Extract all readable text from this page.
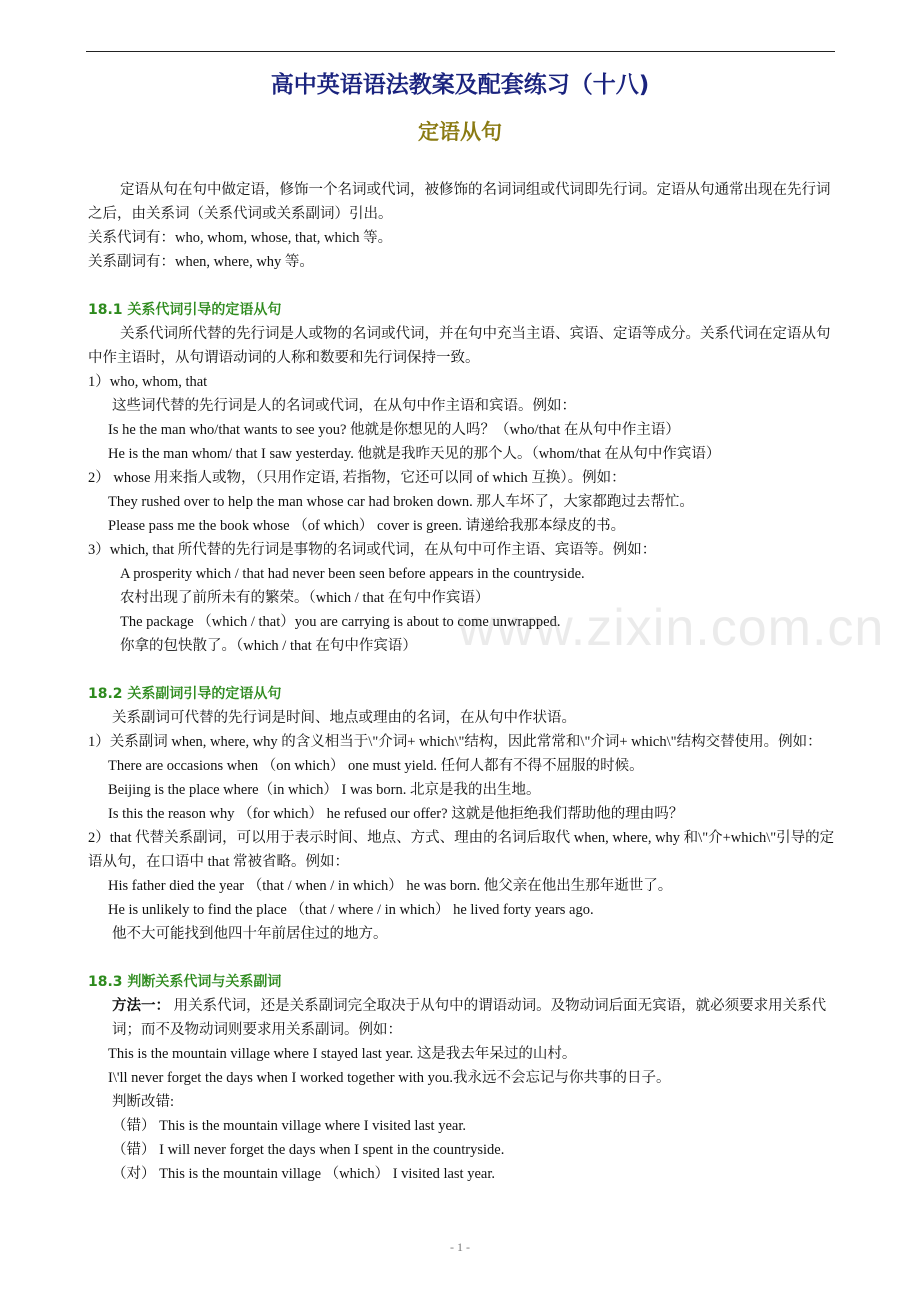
高中英语语法教案及配套练习（十八)
定语从句

定语从句在句中做定语，修饰一个名词或代词，被修饰的名词词组或代词即先行词。定语从句通常出现在先行词之后，由关系词（关系代词或关系副词）引出。

关系代词有：who, whom, whose, that, which 等。

关系副词有：when, where, why 等。

18.1 关系代词引导的定语从句

关系代词所代替的先行词是人或物的名词或代词，并在句中充当主语、宾语、定语等成分。关系代词在定语从句中作主语时，从句谓语动词的人称和数要和先行词保持一致。

1）who, whom, that

这些词代替的先行词是人的名词或代词，在从句中作主语和宾语。例如：

Is he the man who/that wants to see you? 他就是你想见的人吗？（who/that 在从句中作主语）

He is the man whom/ that I saw yesterday. 他就是我昨天见的那个人。（whom/that 在从句中作宾语）

2） whose 用来指人或物，（只用作定语, 若指物，它还可以同 of which 互换）。例如：

They rushed over to help the man whose car had broken down. 那人车坏了，大家都跑过去帮忙。

Please pass me the book whose （of which） cover is green. 请递给我那本绿皮的书。

3）which, that 所代替的先行词是事物的名词或代词，在从句中可作主语、宾语等。例如：

A prosperity which / that had never been seen before appears in the countryside.

农村出现了前所未有的繁荣。（which / that 在句中作宾语）

The package （which / that）you are carrying is about to come unwrapped.

你拿的包快散了。（which / that 在句中作宾语）

18.2 关系副词引导的定语从句

关系副词可代替的先行词是时间、地点或理由的名词，在从句中作状语。

1）关系副词 when, where, why 的含义相当于\"介词+ which\"结构，因此常常和\"介词+ which\"结构交替使用。例如：

There are occasions when （on which） one must yield. 任何人都有不得不屈服的时候。

Beijing is the place where（in which） I was born. 北京是我的出生地。

Is this the reason why （for which） he refused our offer? 这就是他拒绝我们帮助他的理由吗？

2）that 代替关系副词，可以用于表示时间、地点、方式、理由的名词后取代 when, where, why 和\"介+which\"引导的定语从句，在口语中 that 常被省略。例如：

His father died the year （that / when / in which） he was born. 他父亲在他出生那年逝世了。

He is unlikely to find the place （that / where / in which） he lived forty years ago.

他不大可能找到他四十年前居住过的地方。

18.3 判断关系代词与关系副词

方法一： 用关系代词，还是关系副词完全取决于从句中的谓语动词。及物动词后面无宾语，就必须要求用关系代词；而不及物动词则要求用关系副词。例如：

This is the mountain village where I stayed last year. 这是我去年呆过的山村。

I\'ll never forget the days when I worked together with you.我永远不会忘记与你共事的日子。

判断改错:

（错） This is the mountain village where I visited last year.

（错） I will never forget the days when I spent in the countryside.

（对） This is the mountain village （which） I visited last year.

www.zixin.com.cn
- 1 -
